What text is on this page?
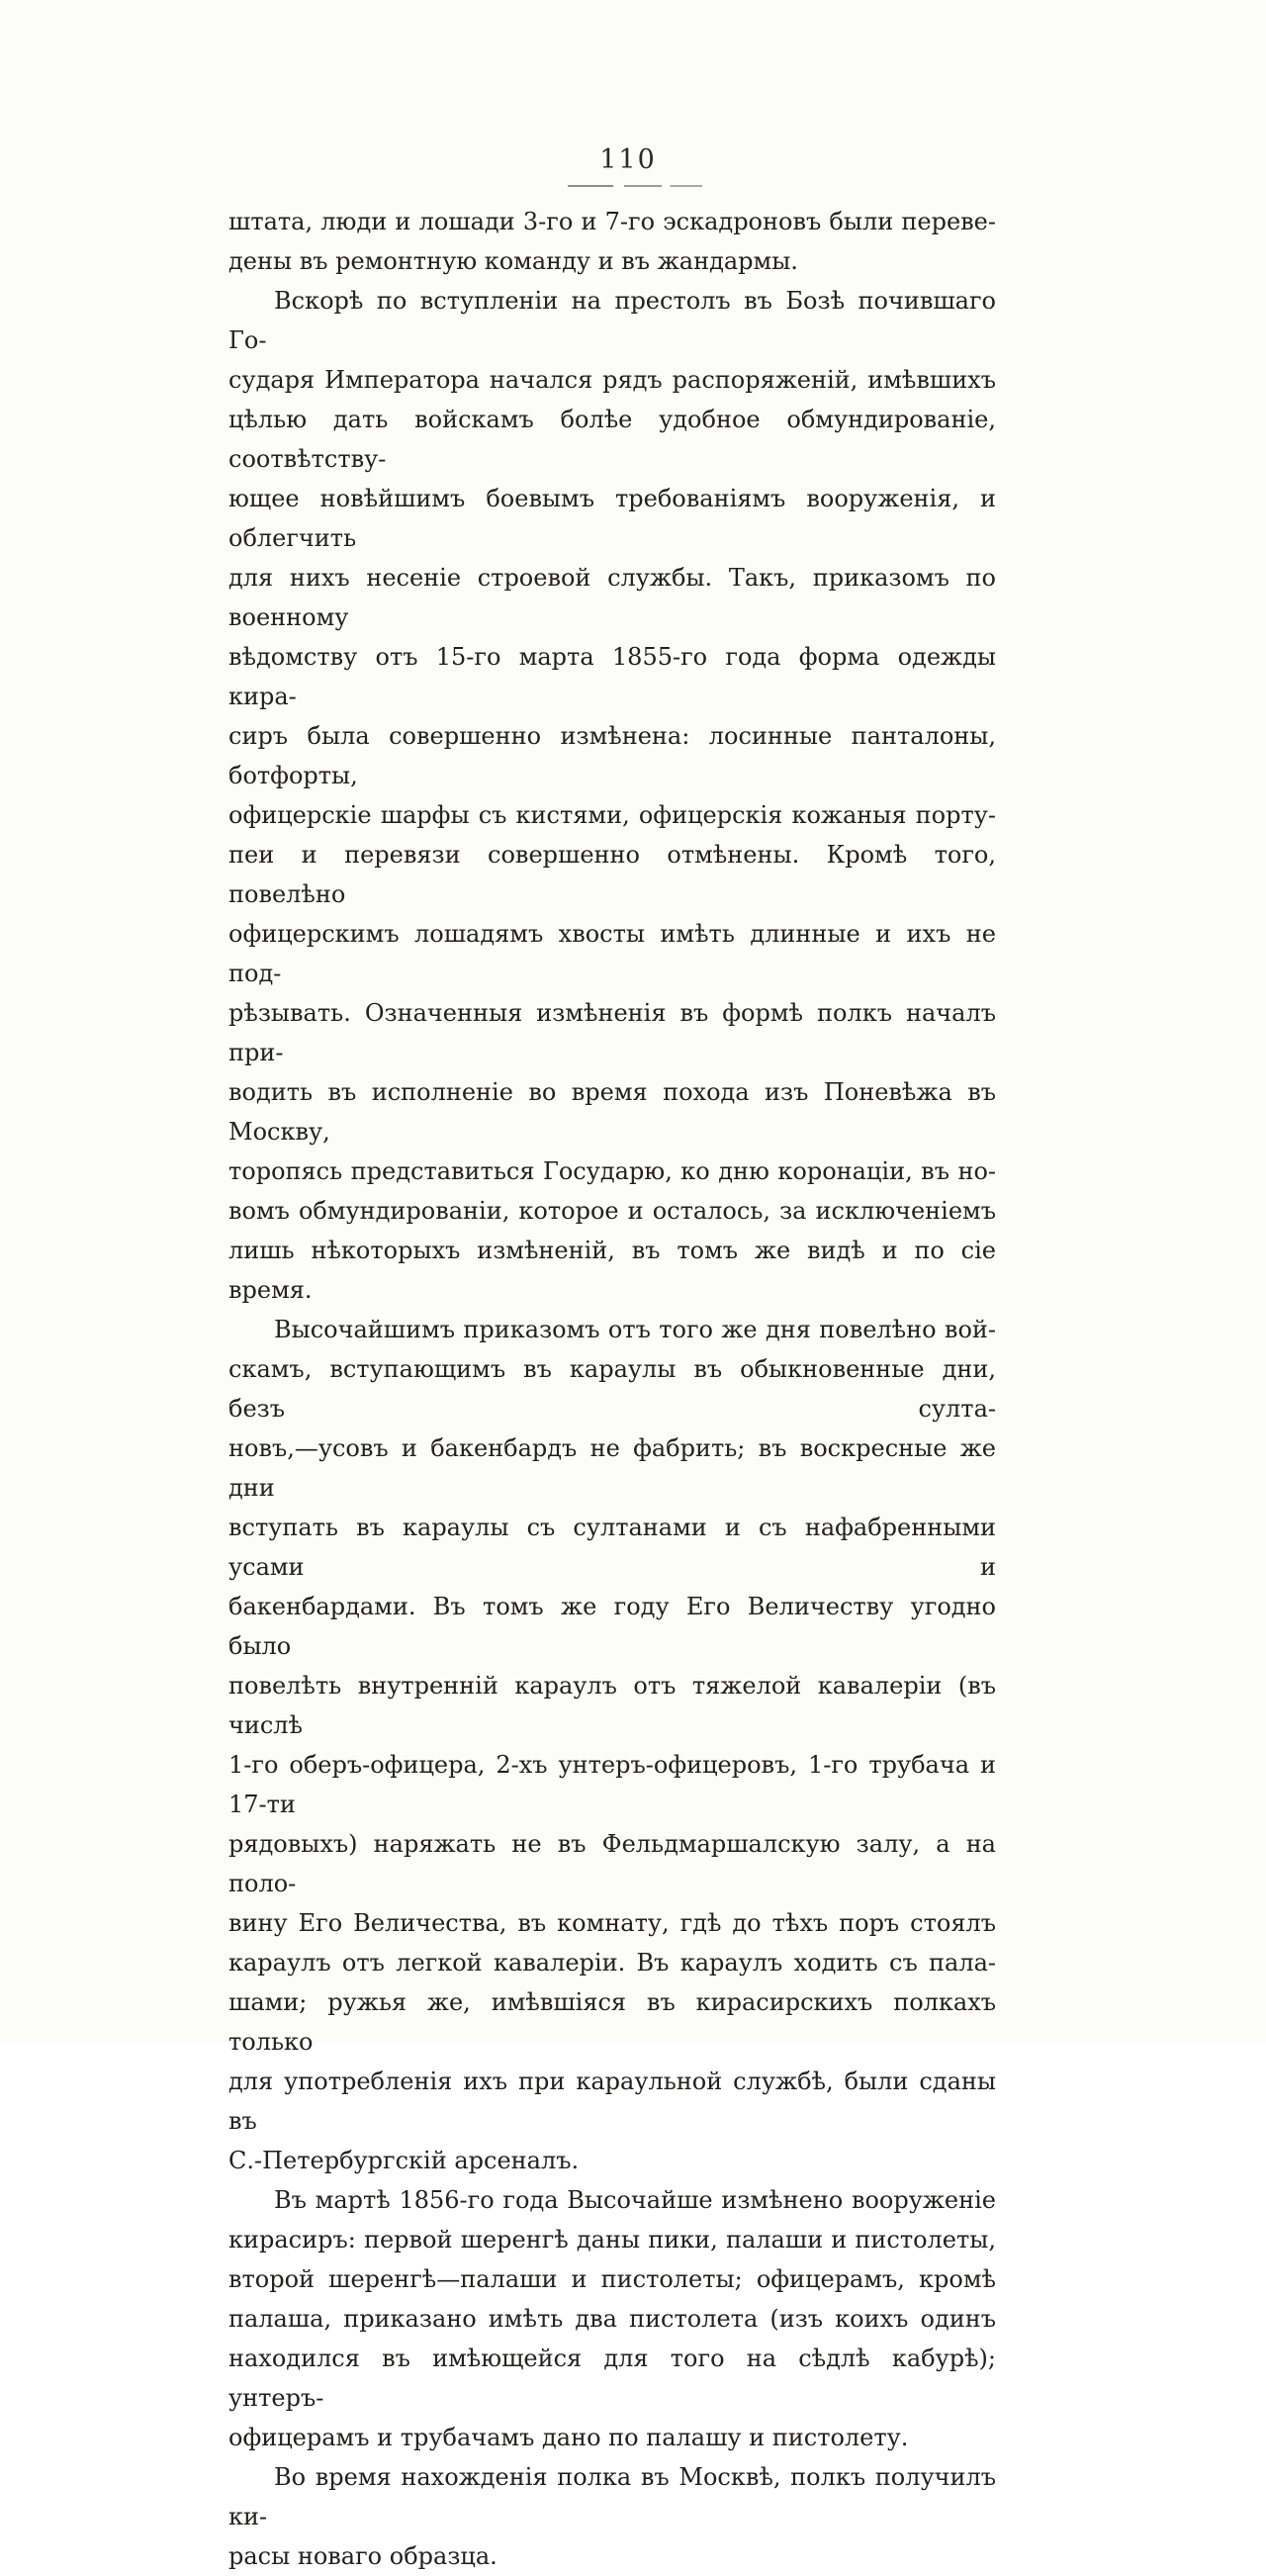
110
штата, люди и лошади 3-го и 7-го эскадроновъ были переве-
дены въ ремонтную команду и въ жандармы.
Вскорѣ по вступленіи на престолъ въ Бозѣ почившаго Го-
сударя Императора начался рядъ распоряженій, имѣвшихъ
цѣлью дать войскамъ болѣе удобное обмундированіе, соотвѣтству-
ющее новѣйшимъ боевымъ требованіямъ вооруженія, и облегчить
для нихъ несеніе строевой службы. Такъ, приказомъ по военному
вѣдомству отъ 15-го марта 1855-го года форма одежды кира-
сиръ была совершенно измѣнена: лосинные панталоны, ботфорты,
офицерскіе шарфы съ кистями, офицерскія кожаныя порту-
пеи и перевязи совершенно отмѣнены. Кромѣ того, повелѣно
офицерскимъ лошадямъ хвосты имѣть длинные и ихъ не под-
рѣзывать. Означенныя измѣненія въ формѣ полкъ началъ при-
водить въ исполненіе во время похода изъ Поневѣжа въ Москву,
торопясь представиться Государю, ко дню коронаціи, въ но-
вомъ обмундированіи, которое и осталось, за исключеніемъ
лишь нѣкоторыхъ измѣненій, въ томъ же видѣ и по сіе время.
Высочайшимъ приказомъ отъ того же дня повелѣно вой-
скамъ, вступающимъ въ караулы въ обыкновенные дни, безъ султа-
новъ,—усовъ и бакенбардъ не фабрить; въ воскресные же дни
вступать въ караулы съ султанами и съ нафабренными усами и
бакенбардами. Въ томъ же году Его Величеству угодно было
повелѣть внутренній караулъ отъ тяжелой кавалеріи (въ числѣ
1-го оберъ-офицера, 2-хъ унтеръ-офицеровъ, 1-го трубача и 17-ти
рядовыхъ) наряжать не въ Фельдмаршалскую залу, а на поло-
вину Его Величества, въ комнату, гдѣ до тѣхъ поръ стоялъ
караулъ отъ легкой кавалеріи. Въ караулъ ходить съ пала-
шами; ружья же, имѣвшіяся въ кирасирскихъ полкахъ только
для употребленія ихъ при караульной службѣ, были сданы въ
С.-Петербургскій арсеналъ.
Въ мартѣ 1856-го года Высочайше измѣнено вооруженіе
кирасиръ: первой шеренгѣ даны пики, палаши и пистолеты,
второй шеренгѣ—палаши и пистолеты; офицерамъ, кромѣ
палаша, приказано имѣть два пистолета (изъ коихъ одинъ
находился въ имѣющейся для того на сѣдлѣ кабурѣ); унтеръ-
офицерамъ и трубачамъ дано по палашу и пистолету.
Во время нахожденія полка въ Москвѣ, полкъ получилъ ки-
расы новаго образца.
